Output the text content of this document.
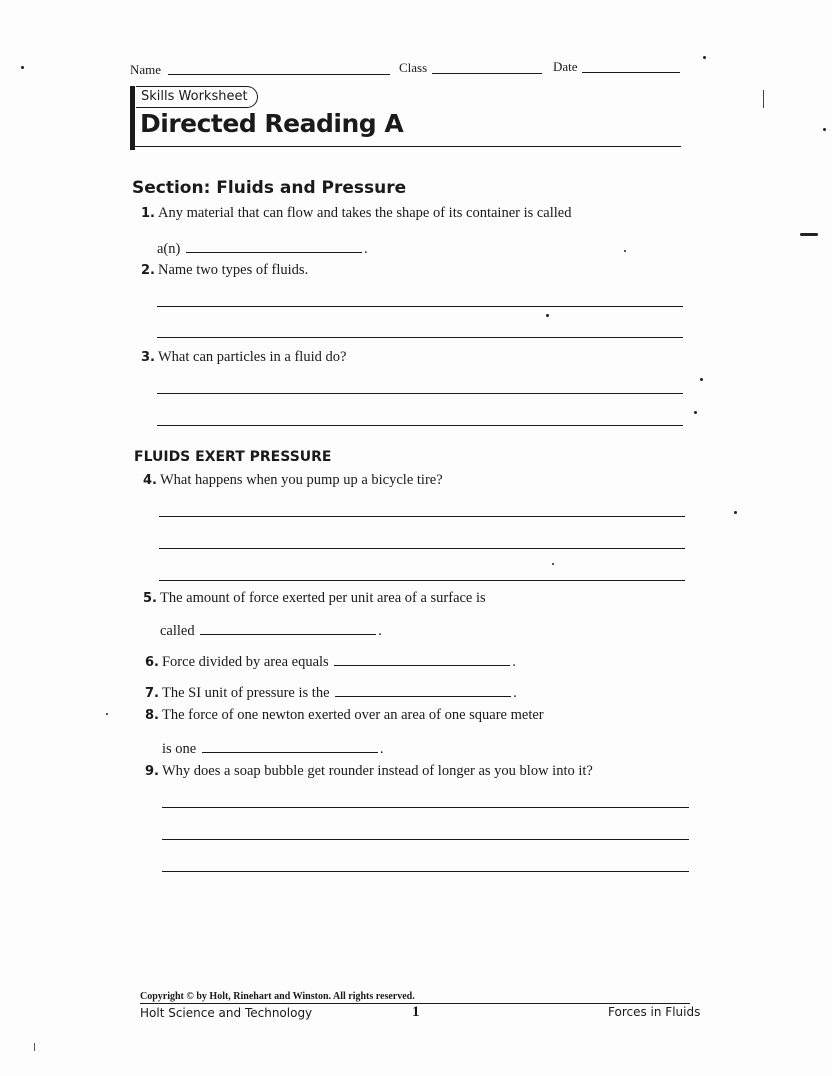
Name	Class	Date
Skills Worksheet
Directed Reading A
Section: Fluids and Pressure
1. Any material that can flow and takes the shape of its container is called
a(n)	.
2. Name two types of fluids.
3. What can particles in a fluid do?
FLUIDS EXERT PRESSURE
4. What happens when you pump up a bicycle tire?
5. The amount of force exerted per unit area of a surface is
called	.
6. Force divided by area equals	.
7. The SI unit of pressure is the	.
8. The force of one newton exerted over an area of one square meter
is one	.
9. Why does a soap bubble get rounder instead of longer as you blow into it?
Copyright © by Holt, Rinehart and Winston. All rights reserved.
Holt Science and Technology	1	Forces in Fluids
